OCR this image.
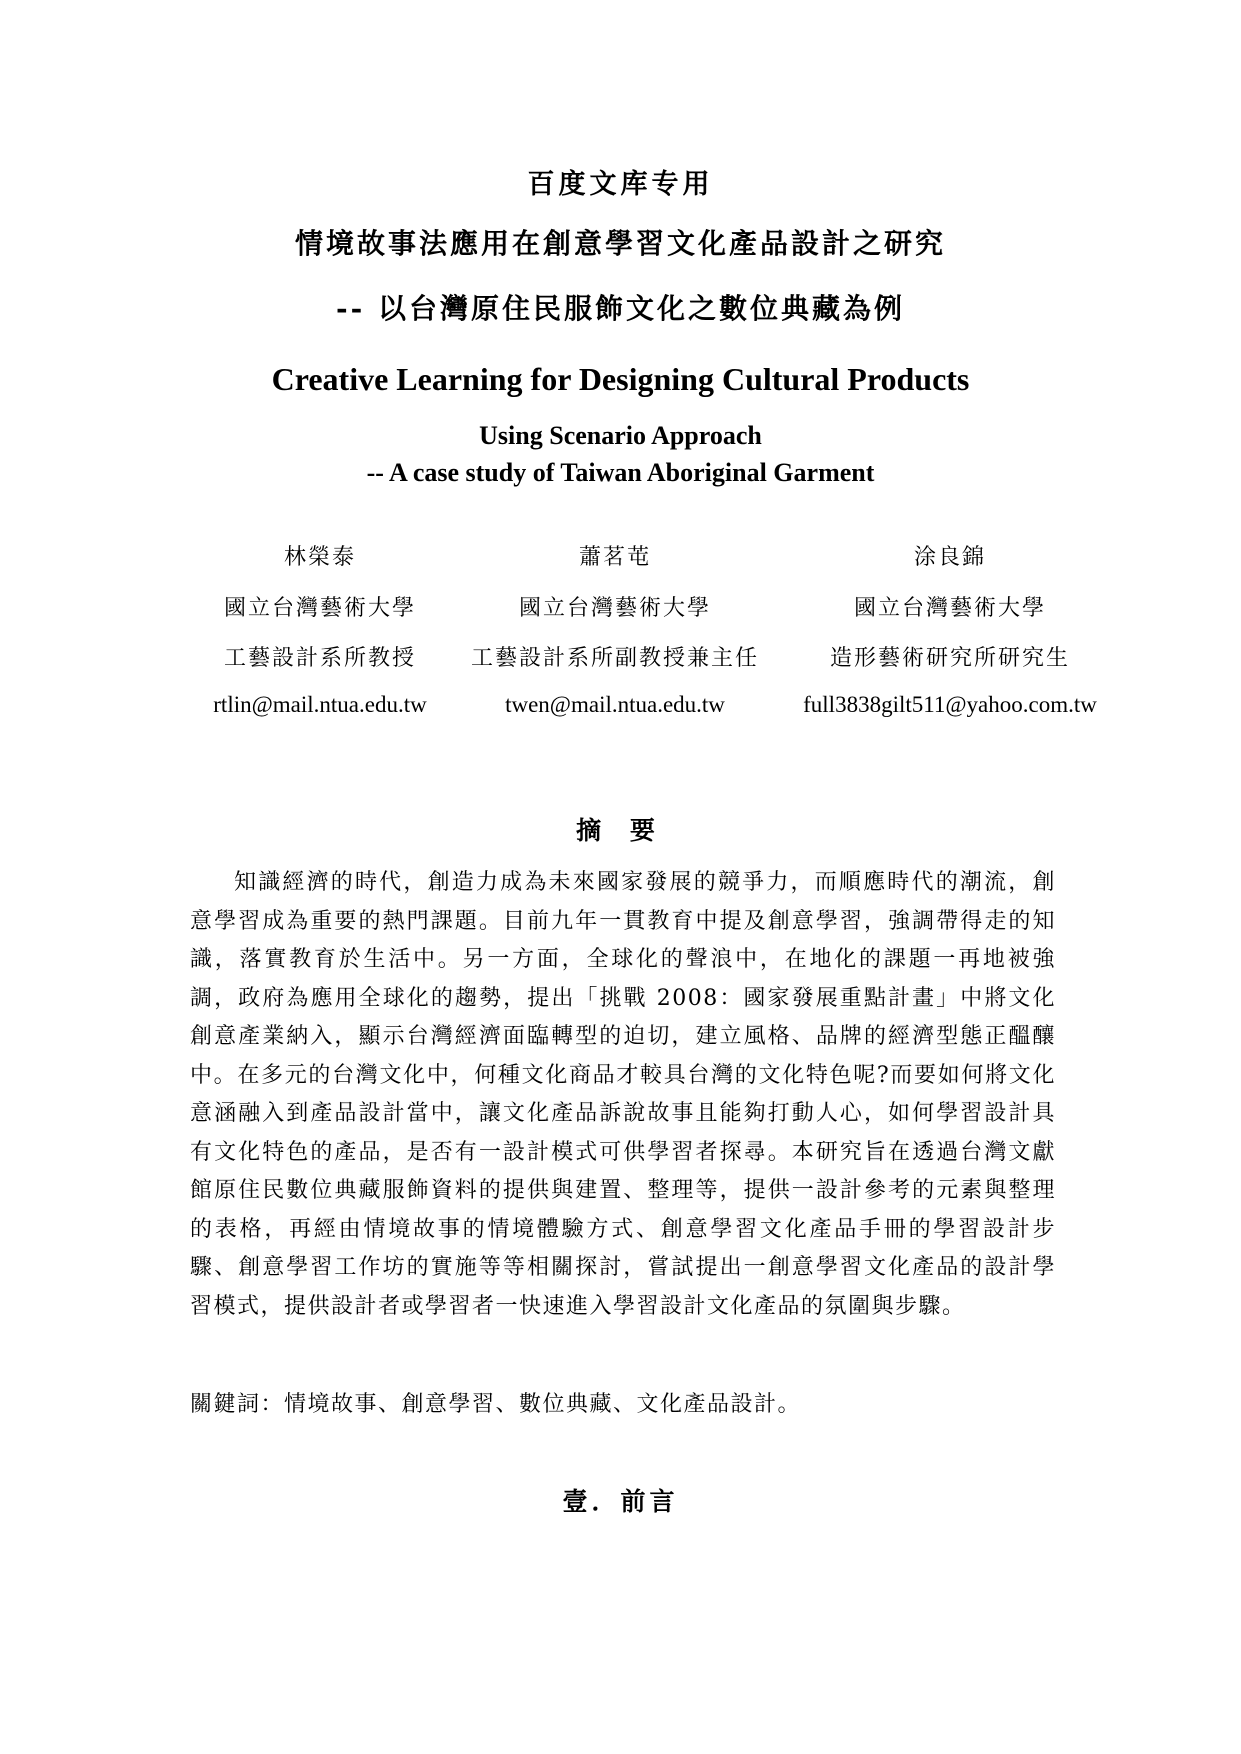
百度文库专用
情境故事法應用在創意學習文化產品設計之研究
-- 以台灣原住民服飾文化之數位典藏為例
Creative Learning for Designing Cultural Products
Using Scenario Approach
-- A case study of Taiwan Aboriginal Garment
林榮泰
國立台灣藝術大學
工藝設計系所教授
rtlin@mail.ntua.edu.tw
蕭茗芚
國立台灣藝術大學
工藝設計系所副教授兼主任
twen@mail.ntua.edu.tw
涂良錦
國立台灣藝術大學
造形藝術研究所研究生
full3838gilt511@yahoo.com.tw
摘 要
知識經濟的時代，創造力成為未來國家發展的競爭力，而順應時代的潮流，創意學習成為重要的熱門課題。目前九年一貫教育中提及創意學習，強調帶得走的知識，落實教育於生活中。另一方面，全球化的聲浪中，在地化的課題一再地被強調，政府為應用全球化的趨勢，提出「挑戰 2008：國家發展重點計畫」中將文化創意產業納入，顯示台灣經濟面臨轉型的迫切，建立風格、品牌的經濟型態正醞釀中。在多元的台灣文化中，何種文化商品才較具台灣的文化特色呢?而要如何將文化意涵融入到產品設計當中，讓文化產品訴說故事且能夠打動人心，如何學習設計具有文化特色的產品，是否有一設計模式可供學習者探尋。本研究旨在透過台灣文獻館原住民數位典藏服飾資料的提供與建置、整理等，提供一設計參考的元素與整理的表格，再經由情境故事的情境體驗方式、創意學習文化產品手冊的學習設計步驟、創意學習工作坊的實施等等相關探討，嘗試提出一創意學習文化產品的設計學習模式，提供設計者或學習者一快速進入學習設計文化產品的氛圍與步驟。
關鍵詞：情境故事、創意學習、數位典藏、文化產品設計。
壹．前言
